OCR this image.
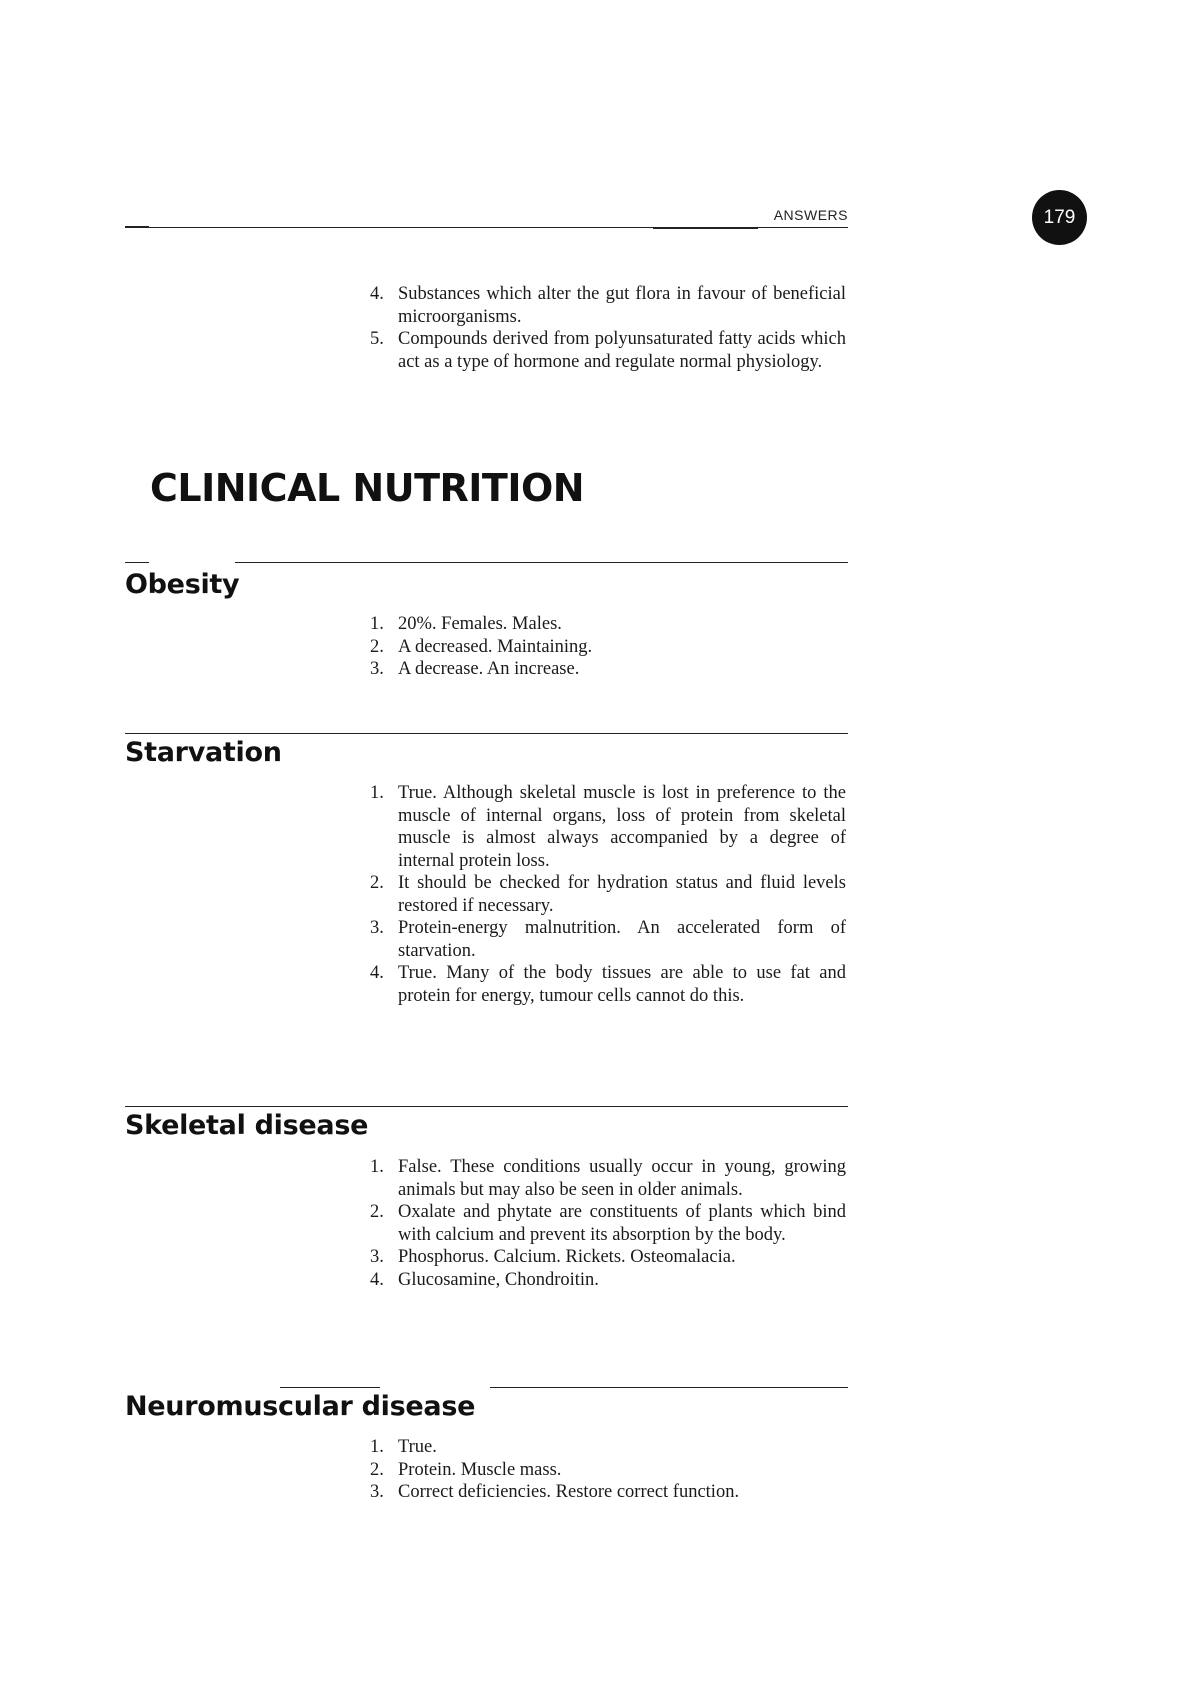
ANSWERS	179
4. Substances which alter the gut flora in favour of beneficial microorganisms.
5. Compounds derived from polyunsaturated fatty acids which act as a type of hormone and regulate normal physiology.
CLINICAL NUTRITION
Obesity
1. 20%. Females. Males.
2. A decreased. Maintaining.
3. A decrease. An increase.
Starvation
1. True. Although skeletal muscle is lost in preference to the muscle of internal organs, loss of protein from skeletal muscle is almost always accompanied by a degree of internal protein loss.
2. It should be checked for hydration status and fluid levels restored if necessary.
3. Protein-energy malnutrition. An accelerated form of starvation.
4. True. Many of the body tissues are able to use fat and protein for energy, tumour cells cannot do this.
Skeletal disease
1. False. These conditions usually occur in young, growing animals but may also be seen in older animals.
2. Oxalate and phytate are constituents of plants which bind with calcium and prevent its absorption by the body.
3. Phosphorus. Calcium. Rickets. Osteomalacia.
4. Glucosamine, Chondroitin.
Neuromuscular disease
1. True.
2. Protein. Muscle mass.
3. Correct deficiencies. Restore correct function.
